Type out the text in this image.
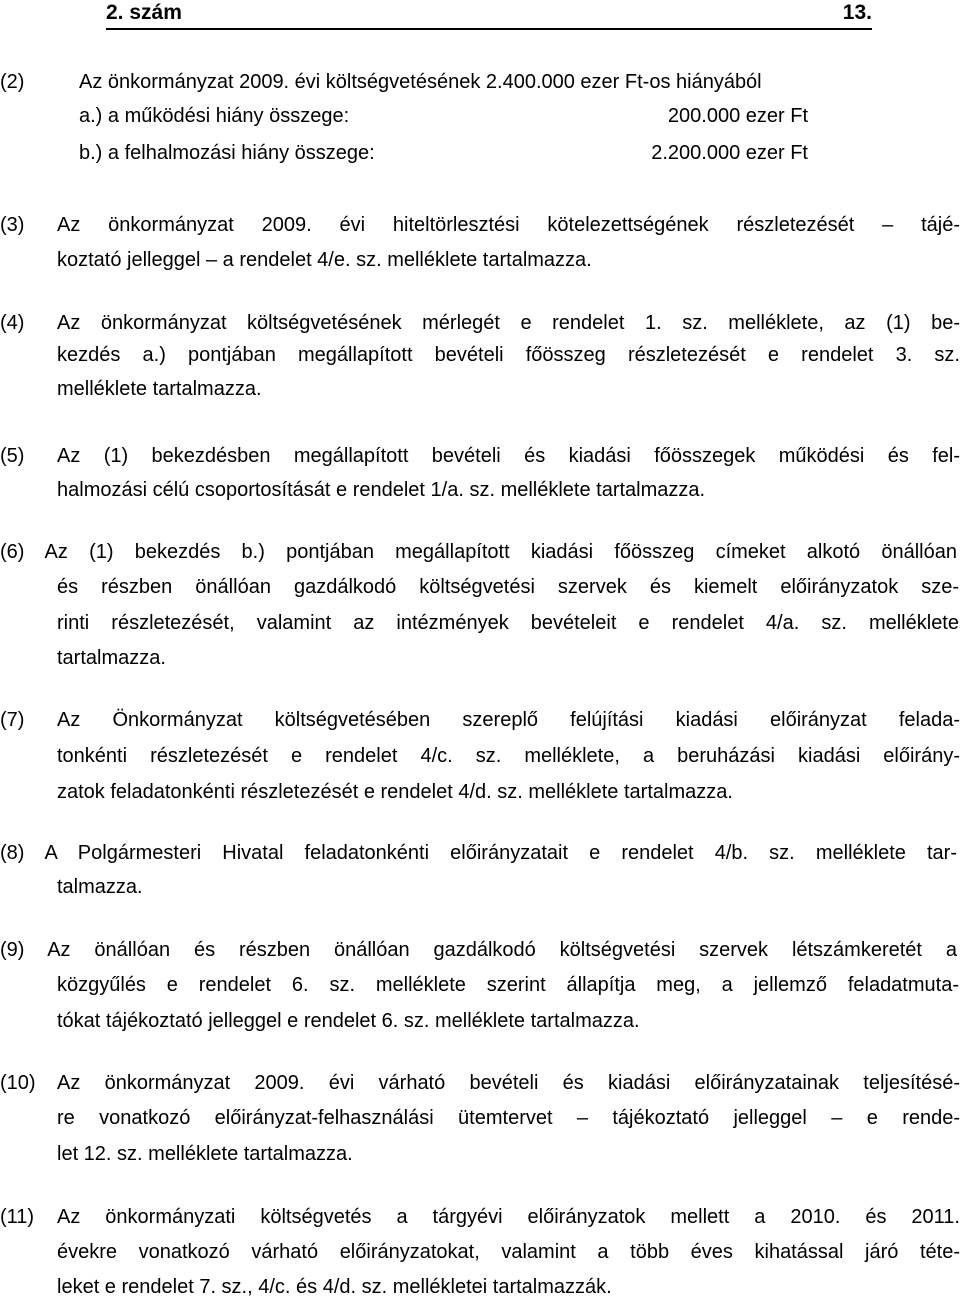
2. szám	13.
(2)	Az önkormányzat 2009. évi költségvetésének 2.400.000 ezer Ft-os hiányából
a.) a működési hiány összege:	200.000 ezer Ft
b.) a felhalmozási hiány összege:	2.200.000 ezer Ft
(3) Az önkormányzat 2009. évi hiteltörlesztési kötelezettségének részletezését – tájé-
koztató jelleggel – a rendelet 4/e. sz. melléklete tartalmazza.
(4) Az önkormányzat költségvetésének mérlegét e rendelet 1. sz. melléklete, az (1) be-
kezdés a.) pontjában megállapított bevételi főösszeg részletezését e rendelet 3. sz.
melléklete tartalmazza.
(5) Az (1) bekezdésben megállapított bevételi és kiadási főösszegek működési és fel-
halmozási célú csoportosítását e rendelet 1/a. sz. melléklete tartalmazza.
(6) Az (1) bekezdés b.) pontjában megállapított kiadási főösszeg címeket alkotó önállóan
és részben önállóan gazdálkodó költségvetési szervek és kiemelt előirányzatok sze-
rinti részletezését, valamint az intézmények bevételeit e rendelet 4/a. sz. melléklete
tartalmazza.
(7) Az Önkormányzat költségvetésében szereplő felújítási kiadási előirányzat felada-
tonkénti részletezését e rendelet 4/c. sz. melléklete, a beruházási kiadási előirány-
zatok feladatonkénti részletezését e rendelet 4/d. sz. melléklete tartalmazza.
(8) A Polgármesteri Hivatal feladatonkénti előirányzatait e rendelet 4/b. sz. melléklete tar-
talmazza.
(9) Az önállóan és részben önállóan gazdálkodó költségvetési szervek létszámkeretét a
közgyűlés e rendelet 6. sz. melléklete szerint állapítja meg, a jellemző feladatmuta-
tókat tájékoztató jelleggel e rendelet 6. sz. melléklete tartalmazza.
(10) Az önkormányzat 2009. évi várható bevételi és kiadási előirányzatainak teljesítésé-
re vonatkozó előirányzat-felhasználási ütemtervet – tájékoztató jelleggel – e rende-
let 12. sz. melléklete tartalmazza.
(11) Az önkormányzati költségvetés a tárgyévi előirányzatok mellett a 2010. és 2011.
évekre vonatkozó várható előirányzatokat, valamint a több éves kihatással járó téte-
leket e rendelet 7. sz., 4/c. és 4/d. sz. mellékletei tartalmazzák.
